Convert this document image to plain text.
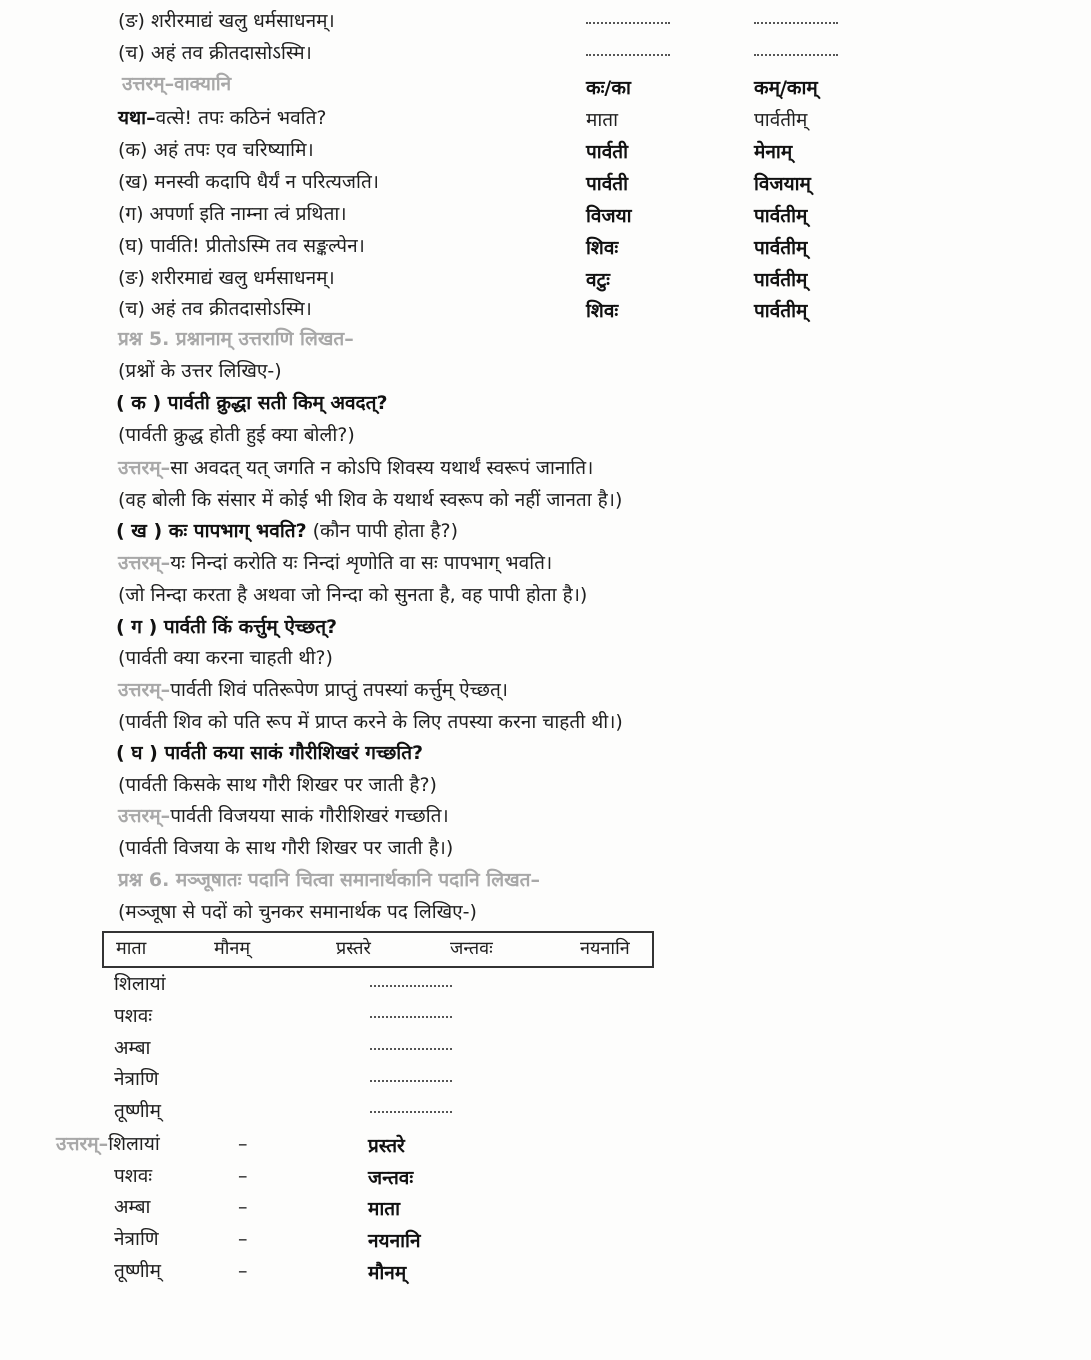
(ङ) शरीरमाद्यं खलु धर्मसाधनम्।
(च) अहं तव क्रीतदासोऽस्मि।
उत्तरम्–वाक्यानि	कः/का	कम्/काम्
यथा–वत्से! तपः कठिनं भवति?	माता	पार्वतीम्
(क) अहं तपः एव चरिष्यामि।	पार्वती	मेनाम्
(ख) मनस्वी कदापि धैर्यं न परित्यजति।	पार्वती	विजयाम्
(ग) अपर्णा इति नाम्ना त्वं प्रथिता।	विजया	पार्वतीम्
(घ) पार्वति! प्रीतोऽस्मि तव सङ्कल्पेन।	शिवः	पार्वतीम्
(ङ) शरीरमाद्यं खलु धर्मसाधनम्।	वटुः	पार्वतीम्
(च) अहं तव क्रीतदासोऽस्मि।	शिवः	पार्वतीम्
प्रश्न 5. प्रश्नानाम् उत्तराणि लिखत–
(प्रश्नों के उत्तर लिखिए-)
( क ) पार्वती क्रुद्धा सती किम् अवदत्?
(पार्वती क्रुद्ध होती हुई क्या बोली?)
उत्तरम्–सा अवदत् यत् जगति न कोऽपि शिवस्य यथार्थं स्वरूपं जानाति।
(वह बोली कि संसार में कोई भी शिव के यथार्थ स्वरूप को नहीं जानता है।)
( ख ) कः पापभाग् भवति? (कौन पापी होता है?)
उत्तरम्–यः निन्दां करोति यः निन्दां शृणोति वा सः पापभाग् भवति।
(जो निन्दा करता है अथवा जो निन्दा को सुनता है, वह पापी होता है।)
( ग ) पार्वती किं कर्त्तुम् ऐच्छत्?
(पार्वती क्या करना चाहती थी?)
उत्तरम्–पार्वती शिवं पतिरूपेण प्राप्तुं तपस्यां कर्त्तुम् ऐच्छत्।
(पार्वती शिव को पति रूप में प्राप्त करने के लिए तपस्या करना चाहती थी।)
( घ ) पार्वती कया साकं गौरीशिखरं गच्छति?
(पार्वती किसके साथ गौरी शिखर पर जाती है?)
उत्तरम्–पार्वती विजयया साकं गौरीशिखरं गच्छति।
(पार्वती विजया के साथ गौरी शिखर पर जाती है।)
प्रश्न 6. मञ्जूषातः पदानि चित्वा समानार्थकानि पदानि लिखत–
(मञ्जूषा से पदों को चुनकर समानार्थक पद लिखिए-)
माता	मौनम्	प्रस्तरे	जन्तवः	नयनानि
शिलायां
पशवः
अम्बा
नेत्राणि
तूष्णीम्
उत्तरम्–शिलायां	–	प्रस्तरे
पशवः	–	जन्तवः
अम्बा	–	माता
नेत्राणि	–	नयनानि
तूष्णीम्	–	मौनम्
